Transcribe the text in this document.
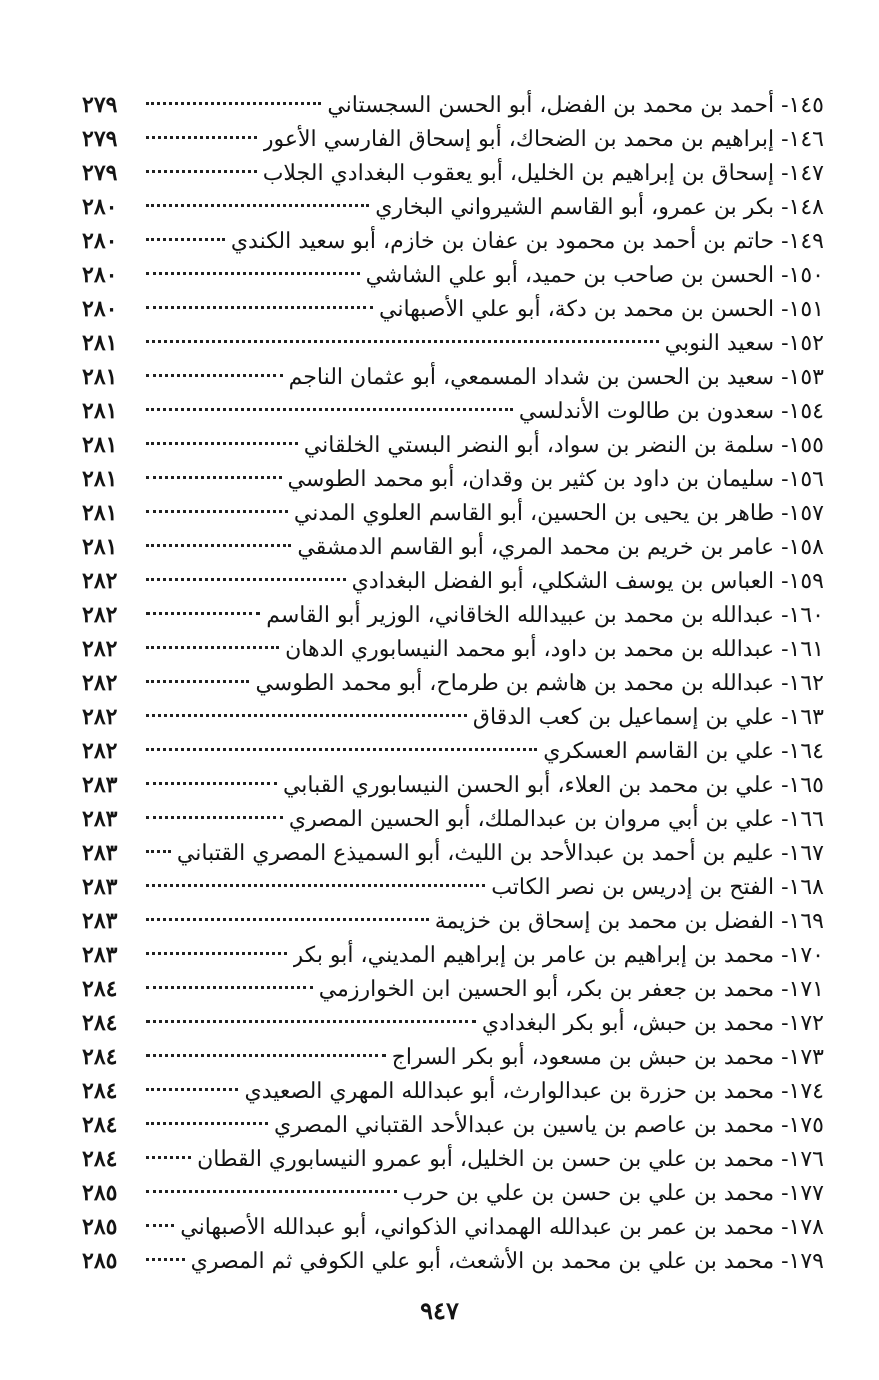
١٤٥- أحمد بن محمد بن الفضل، أبو الحسن السجستاني
٢٧٩
١٤٦- إبراهيم بن محمد بن الضحاك، أبو إسحاق الفارسي الأعور
٢٧٩
١٤٧- إسحاق بن إبراهيم بن الخليل، أبو يعقوب البغدادي الجلاب
٢٧٩
١٤٨- بكر بن عمرو، أبو القاسم الشيرواني البخاري
٢٨٠
١٤٩- حاتم بن أحمد بن محمود بن عفان بن خازم، أبو سعيد الكندي
٢٨٠
١٥٠- الحسن بن صاحب بن حميد، أبو علي الشاشي
٢٨٠
١٥١- الحسن بن محمد بن دكة، أبو علي الأصبهاني
٢٨٠
١٥٢- سعيد النوبي
٢٨١
١٥٣- سعيد بن الحسن بن شداد المسمعي، أبو عثمان الناجم
٢٨١
١٥٤- سعدون بن طالوت الأندلسي
٢٨١
١٥٥- سلمة بن النضر بن سواد، أبو النضر البستي الخلقاني
٢٨١
١٥٦- سليمان بن داود بن كثير بن وقدان، أبو محمد الطوسي
٢٨١
١٥٧- طاهر بن يحيى بن الحسين، أبو القاسم العلوي المدني
٢٨١
١٥٨- عامر بن خريم بن محمد المري، أبو القاسم الدمشقي
٢٨١
١٥٩- العباس بن يوسف الشكلي، أبو الفضل البغدادي
٢٨٢
١٦٠- عبدالله بن محمد بن عبيدالله الخاقاني، الوزير أبو القاسم
٢٨٢
١٦١- عبدالله بن محمد بن داود، أبو محمد النيسابوري الدهان
٢٨٢
١٦٢- عبدالله بن محمد بن هاشم بن طرماح، أبو محمد الطوسي
٢٨٢
١٦٣- علي بن إسماعيل بن كعب الدقاق
٢٨٢
١٦٤- علي بن القاسم العسكري
٢٨٢
١٦٥- علي بن محمد بن العلاء، أبو الحسن النيسابوري القبابي
٢٨٣
١٦٦- علي بن أبي مروان بن عبدالملك، أبو الحسين المصري
٢٨٣
١٦٧- عليم بن أحمد بن عبدالأحد بن الليث، أبو السميذع المصري القتباني
٢٨٣
١٦٨- الفتح بن إدريس بن نصر الكاتب
٢٨٣
١٦٩- الفضل بن محمد بن إسحاق بن خزيمة
٢٨٣
١٧٠- محمد بن إبراهيم بن عامر بن إبراهيم المديني، أبو بكر
٢٨٣
١٧١- محمد بن جعفر بن بكر، أبو الحسين ابن الخوارزمي
٢٨٤
١٧٢- محمد بن حبش، أبو بكر البغدادي
٢٨٤
١٧٣- محمد بن حبش بن مسعود، أبو بكر السراج
٢٨٤
١٧٤- محمد بن حزرة بن عبدالوارث، أبو عبدالله المهري الصعيدي
٢٨٤
١٧٥- محمد بن عاصم بن ياسين بن عبدالأحد القتباني المصري
٢٨٤
١٧٦- محمد بن علي بن حسن بن الخليل، أبو عمرو النيسابوري القطان
٢٨٤
١٧٧- محمد بن علي بن حسن بن علي بن حرب
٢٨٥
١٧٨- محمد بن عمر بن عبدالله الهمداني الذكواني، أبو عبدالله الأصبهاني
٢٨٥
١٧٩- محمد بن علي بن محمد بن الأشعث، أبو علي الكوفي ثم المصري
٢٨٥
٩٤٧
